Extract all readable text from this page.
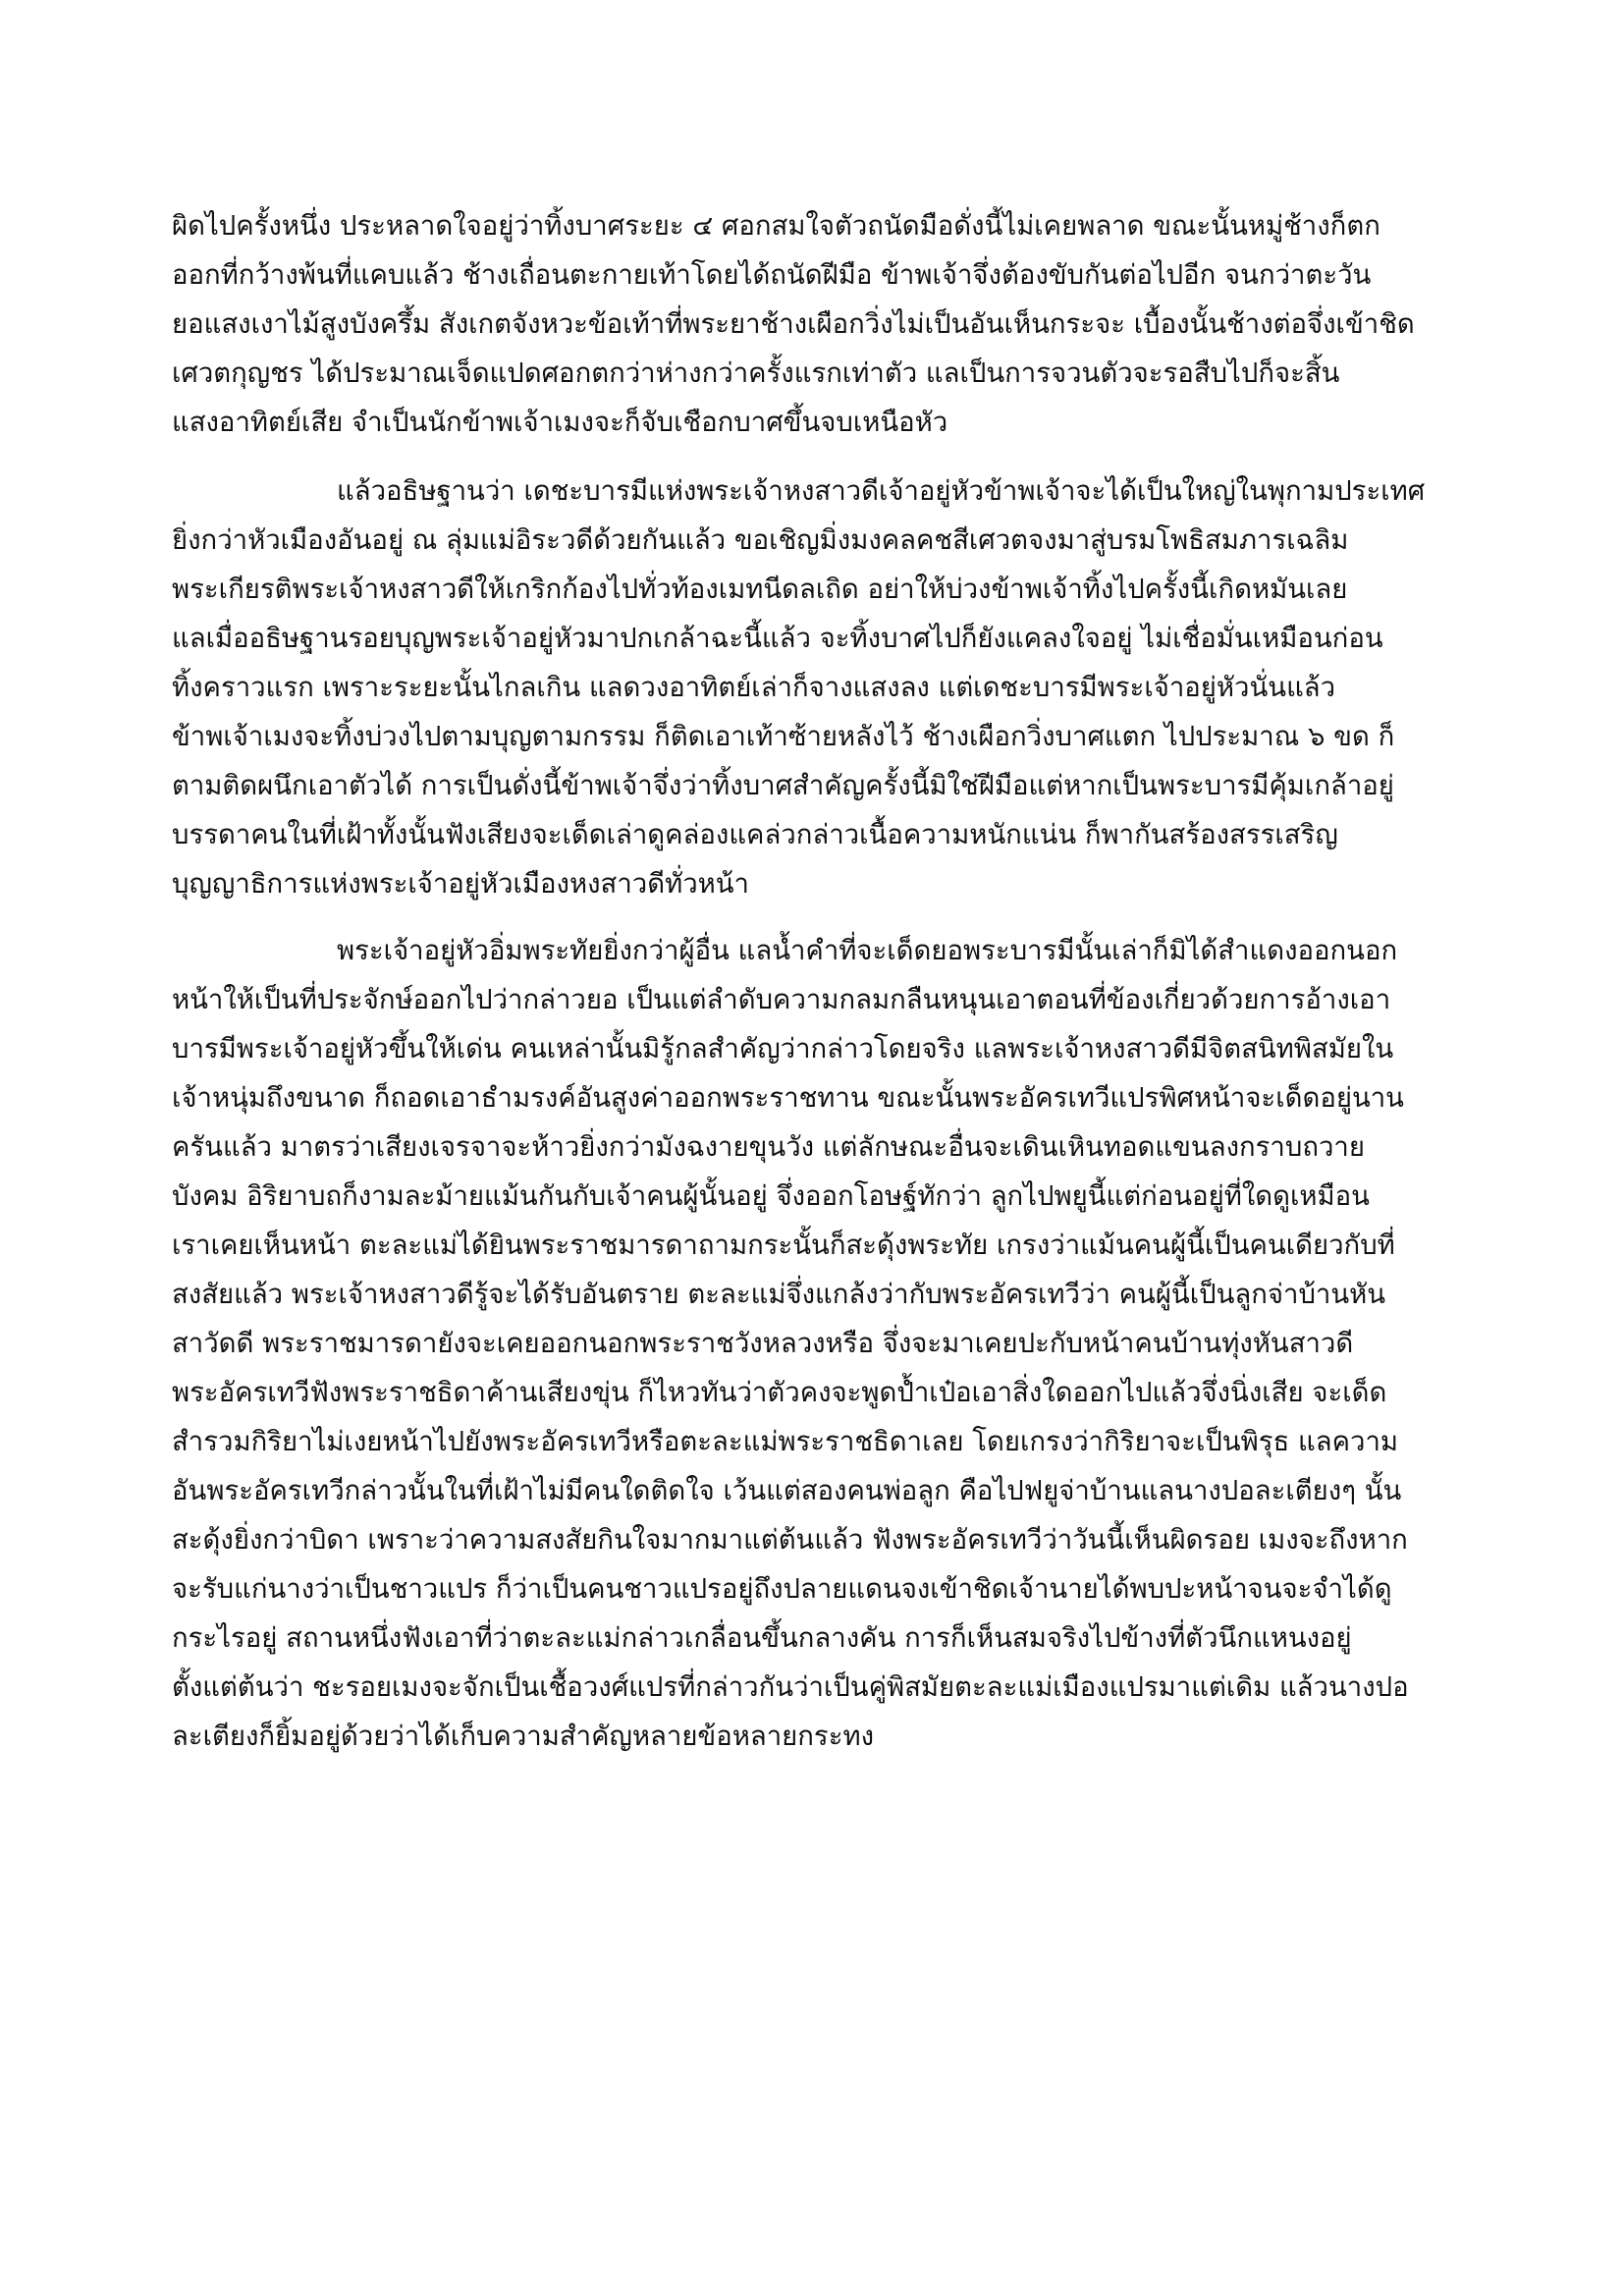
ผิดไปครั้งหนึ่ง ประหลาดใจอยู่ว่าทิ้งบาศระยะ ๔ ศอกสมใจตัวถนัดมือดั่งนี้ไม่เคยพลาด ขณะนั้นหมู่ช้างก็ตก
ออกที่กว้างพ้นที่แคบแล้ว ช้างเถื่อนตะกายเท้าโดยได้ถนัดฝีมือ ข้าพเจ้าจึ่งต้องขับกันต่อไปอีก จนกว่าตะวัน
ยอแสงเงาไม้สูงบังครึ้ม สังเกตจังหวะข้อเท้าที่พระยาช้างเผือกวิ่งไม่เป็นอันเห็นกระจะ เบื้องนั้นช้างต่อจึ่งเข้าชิด
เศวตกุญชร ได้ประมาณเจ็ดแปดศอกตกว่าห่างกว่าครั้งแรกเท่าตัว แลเป็นการจวนตัวจะรอสืบไปก็จะสิ้น
แสงอาทิตย์เสีย จำเป็นนักข้าพเจ้าเมงจะก็จับเชือกบาศขึ้นจบเหนือหัว

แล้วอธิษฐานว่า เดชะบารมีแห่งพระเจ้าหงสาวดีเจ้าอยู่หัวข้าพเจ้าจะได้เป็นใหญ่ในพุกามประเทศ
ยิ่งกว่าหัวเมืองอันอยู่ ณ ลุ่มแม่อิระวดีด้วยกันแล้ว ขอเชิญมิ่งมงคลคชสีเศวตจงมาสู่บรมโพธิสมภารเฉลิม
พระเกียรติพระเจ้าหงสาวดีให้เกริกก้องไปทั่วท้องเมทนีดลเถิด อย่าให้บ่วงข้าพเจ้าทิ้งไปครั้งนี้เกิดหมันเลย
แลเมื่ออธิษฐานรอยบุญพระเจ้าอยู่หัวมาปกเกล้าฉะนี้แล้ว จะทิ้งบาศไปก็ยังแคลงใจอยู่ ไม่เชื่อมั่นเหมือนก่อน
ทิ้งคราวแรก เพราะระยะนั้นไกลเกิน แลดวงอาทิตย์เล่าก็จางแสงลง แต่เดชะบารมีพระเจ้าอยู่หัวนั่นแล้ว
ข้าพเจ้าเมงจะทิ้งบ่วงไปตามบุญตามกรรม ก็ติดเอาเท้าซ้ายหลังไว้ ช้างเผือกวิ่งบาศแตก ไปประมาณ ๖ ขด ก็
ตามติดผนึกเอาตัวได้ การเป็นดั่งนี้ข้าพเจ้าจึ่งว่าทิ้งบาศสำคัญครั้งนี้มิใช่ฝีมือแต่หากเป็นพระบารมีคุ้มเกล้าอยู่
บรรดาคนในที่เฝ้าทั้งนั้นฟังเสียงจะเด็ดเล่าดูคล่องแคล่วกล่าวเนื้อความหนักแน่น ก็พากันสร้องสรรเสริญ
บุญญาธิการแห่งพระเจ้าอยู่หัวเมืองหงสาวดีทั่วหน้า

พระเจ้าอยู่หัวอิ่มพระทัยยิ่งกว่าผู้อื่น แลน้ำคำที่จะเด็ดยอพระบารมีนั้นเล่าก็มิได้สำแดงออกนอก
หน้าให้เป็นที่ประจักษ์ออกไปว่ากล่าวยอ เป็นแต่ลำดับความกลมกลืนหนุนเอาตอนที่ข้องเกี่ยวด้วยการอ้างเอา
บารมีพระเจ้าอยู่หัวขึ้นให้เด่น คนเหล่านั้นมิรู้กลสำคัญว่ากล่าวโดยจริง แลพระเจ้าหงสาวดีมีจิตสนิทพิสมัยใน
เจ้าหนุ่มถึงขนาด ก็ถอดเอาธำมรงค์อันสูงค่าออกพระราชทาน ขณะนั้นพระอัครเทวีแปรพิศหน้าจะเด็ดอยู่นาน
ครันแล้ว มาตรว่าเสียงเจรจาจะห้าวยิ่งกว่ามังฉงายขุนวัง แต่ลักษณะอื่นจะเดินเหินทอดแขนลงกราบถวาย
บังคม อิริยาบถก็งามละม้ายแม้นกันกับเจ้าคนผู้นั้นอยู่ จึ่งออกโอษฐ์ทักว่า ลูกไปพยูนี้แต่ก่อนอยู่ที่ใดดูเหมือน
เราเคยเห็นหน้า ตะละแม่ได้ยินพระราชมารดาถามกระนั้นก็สะดุ้งพระทัย เกรงว่าแม้นคนผู้นี้เป็นคนเดียวกับที่
สงสัยแล้ว พระเจ้าหงสาวดีรู้จะได้รับอันตราย ตะละแม่จึ่งแกล้งว่ากับพระอัครเทวีว่า คนผู้นี้เป็นลูกจ่าบ้านหัน
สาวัดดี พระราชมารดายังจะเคยออกนอกพระราชวังหลวงหรือ จึ่งจะมาเคยปะกับหน้าคนบ้านทุ่งหันสาวดี
พระอัครเทวีฟังพระราชธิดาค้านเสียงขุ่น ก็ไหวทันว่าตัวคงจะพูดป้ำเป๋อเอาสิ่งใดออกไปแล้วจึ่งนิ่งเสีย จะเด็ด
สำรวมกิริยาไม่เงยหน้าไปยังพระอัครเทวีหรือตะละแม่พระราชธิดาเลย โดยเกรงว่ากิริยาจะเป็นพิรุธ แลความ
อันพระอัครเทวีกล่าวนั้นในที่เฝ้าไม่มีคนใดติดใจ เว้นแต่สองคนพ่อลูก คือไปฟยูจ่าบ้านแลนางปอละเตียงๆ นั้น
สะดุ้งยิ่งกว่าบิดา เพราะว่าความสงสัยกินใจมากมาแต่ต้นแล้ว ฟังพระอัครเทวีว่าวันนี้เห็นผิดรอย เมงจะถึงหาก
จะรับแก่นางว่าเป็นชาวแปร ก็ว่าเป็นคนชาวแปรอยู่ถึงปลายแดนจงเข้าชิดเจ้านายได้พบปะหน้าจนจะจำได้ดู
กระไรอยู่ สถานหนึ่งฟังเอาที่ว่าตะละแม่กล่าวเกลื่อนขึ้นกลางคัน การก็เห็นสมจริงไปข้างที่ตัวนึกแหนงอยู่
ตั้งแต่ต้นว่า ชะรอยเมงจะจักเป็นเชื้อวงศ์แปรที่กล่าวกันว่าเป็นคู่พิสมัยตะละแม่เมืองแปรมาแต่เดิม แล้วนางปอ
ละเตียงก็ยิ้มอยู่ด้วยว่าได้เก็บความสำคัญหลายข้อหลายกระทง
